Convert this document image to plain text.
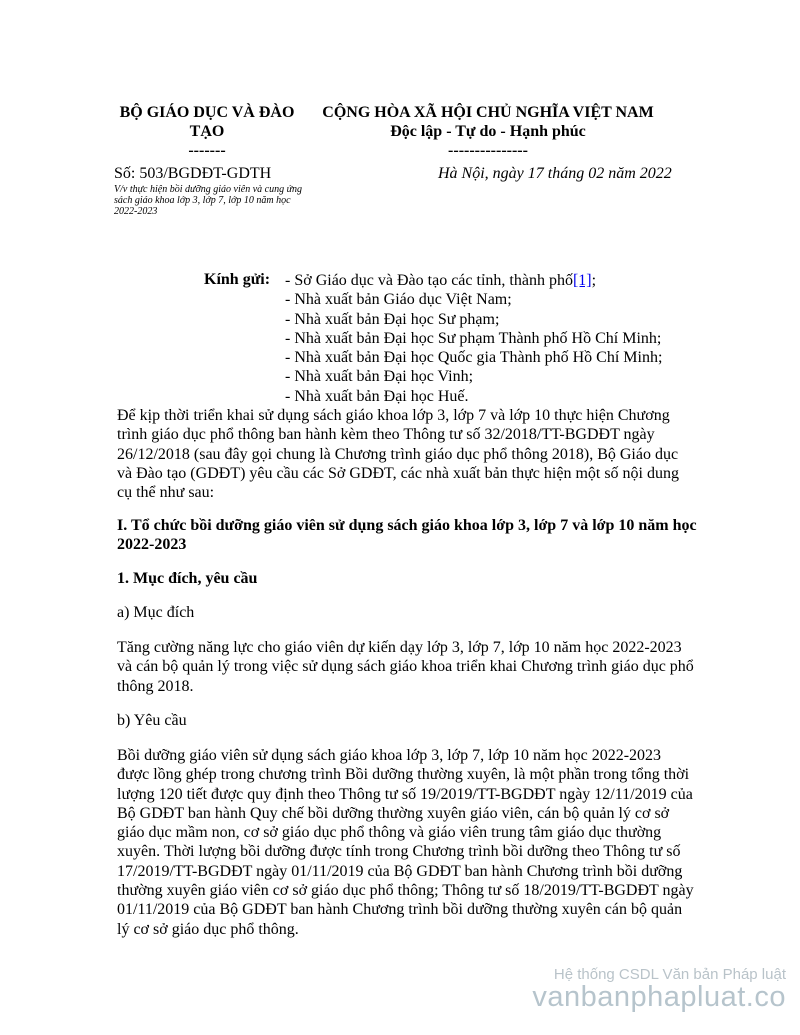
BỘ GIÁO DỤC VÀ ĐÀO
TẠO
-------
CỘNG HÒA XÃ HỘI CHỦ NGHĨA VIỆT NAM
Độc lập - Tự do - Hạnh phúc
---------------
Số: 503/BGDĐT-GDTH
V/v thực hiện bồi dưỡng giáo viên và cung ứng sách giáo khoa lớp 3, lớp 7, lớp 10 năm học 2022-2023
Hà Nội, ngày 17 tháng 02 năm 2022
Kính gửi: - Sở Giáo dục và Đào tạo các tỉnh, thành phố[1];
- Nhà xuất bản Giáo dục Việt Nam;
- Nhà xuất bản Đại học Sư phạm;
- Nhà xuất bản Đại học Sư phạm Thành phố Hồ Chí Minh;
- Nhà xuất bản Đại học Quốc gia Thành phố Hồ Chí Minh;
- Nhà xuất bản Đại học Vinh;
- Nhà xuất bản Đại học Huế.

Để kịp thời triển khai sử dụng sách giáo khoa lớp 3, lớp 7 và lớp 10 thực hiện Chương trình giáo dục phổ thông ban hành kèm theo Thông tư số 32/2018/TT-BGDĐT ngày 26/12/2018 (sau đây gọi chung là Chương trình giáo dục phổ thông 2018), Bộ Giáo dục và Đào tạo (GDĐT) yêu cầu các Sở GDĐT, các nhà xuất bản thực hiện một số nội dung cụ thể như sau:

I. Tổ chức bồi dưỡng giáo viên sử dụng sách giáo khoa lớp 3, lớp 7 và lớp 10 năm học 2022-2023

1. Mục đích, yêu cầu

a) Mục đích

Tăng cường năng lực cho giáo viên dự kiến dạy lớp 3, lớp 7, lớp 10 năm học 2022-2023 và cán bộ quản lý trong việc sử dụng sách giáo khoa triển khai Chương trình giáo dục phổ thông 2018.

b) Yêu cầu

Bồi dưỡng giáo viên sử dụng sách giáo khoa lớp 3, lớp 7, lớp 10 năm học 2022-2023 được lồng ghép trong chương trình Bồi dưỡng thường xuyên, là một phần trong tổng thời lượng 120 tiết được quy định theo Thông tư số 19/2019/TT-BGDĐT ngày 12/11/2019 của Bộ GDĐT ban hành Quy chế bồi dưỡng thường xuyên giáo viên, cán bộ quản lý cơ sở giáo dục mầm non, cơ sở giáo dục phổ thông và giáo viên trung tâm giáo dục thường xuyên. Thời lượng bồi dưỡng được tính trong Chương trình bồi dưỡng theo Thông tư số 17/2019/TT-BGDĐT ngày 01/11/2019 của Bộ GDĐT ban hành Chương trình bồi dưỡng thường xuyên giáo viên cơ sở giáo dục phổ thông; Thông tư số 18/2019/TT-BGDĐT ngày 01/11/2019 của Bộ GDĐT ban hành Chương trình bồi dưỡng thường xuyên cán bộ quản lý cơ sở giáo dục phổ thông.

Hệ thống CSDL Văn bản Pháp luật
vanbanphapluat.co
